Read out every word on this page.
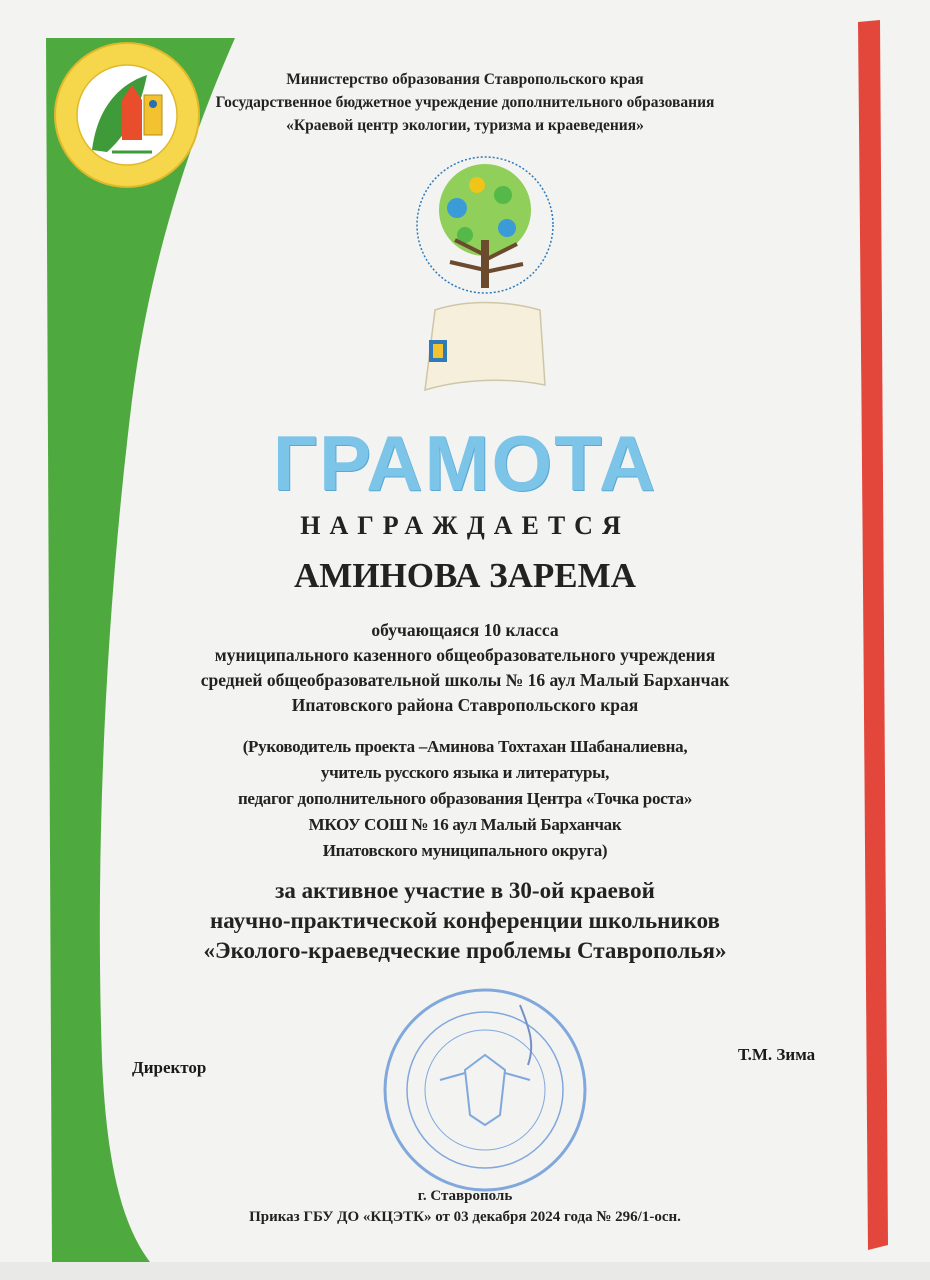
Министерство образования Ставропольского края

Государственное бюджетное учреждение дополнительного образования

«Краевой центр экологии, туризма и краеведения»

ГРАМОТА

НАГРАЖДАЕТСЯ

АМИНОВА ЗАРЕМА

обучающаяся 10 класса

муниципального казенного общеобразовательного учреждения

средней общеобразовательной школы № 16 аул Малый Барханчак

Ипатовского района Ставропольского края

(Руководитель проекта –Аминова Тохтахан Шабаналиевна,

учитель русского языка и литературы,

педагог дополнительного образования Центра «Точка роста»

МКОУ СОШ № 16 аул Малый Барханчак

Ипатовского муниципального округа)

за активное участие в 30-ой краевой

научно-практической конференции школьников

«Эколого-краеведческие проблемы Ставрополья»

Директор

Т.М. Зима

г. Ставрополь

Приказ ГБУ ДО «КЦЭТК» от 03 декабря 2024 года № 296/1-осн.
